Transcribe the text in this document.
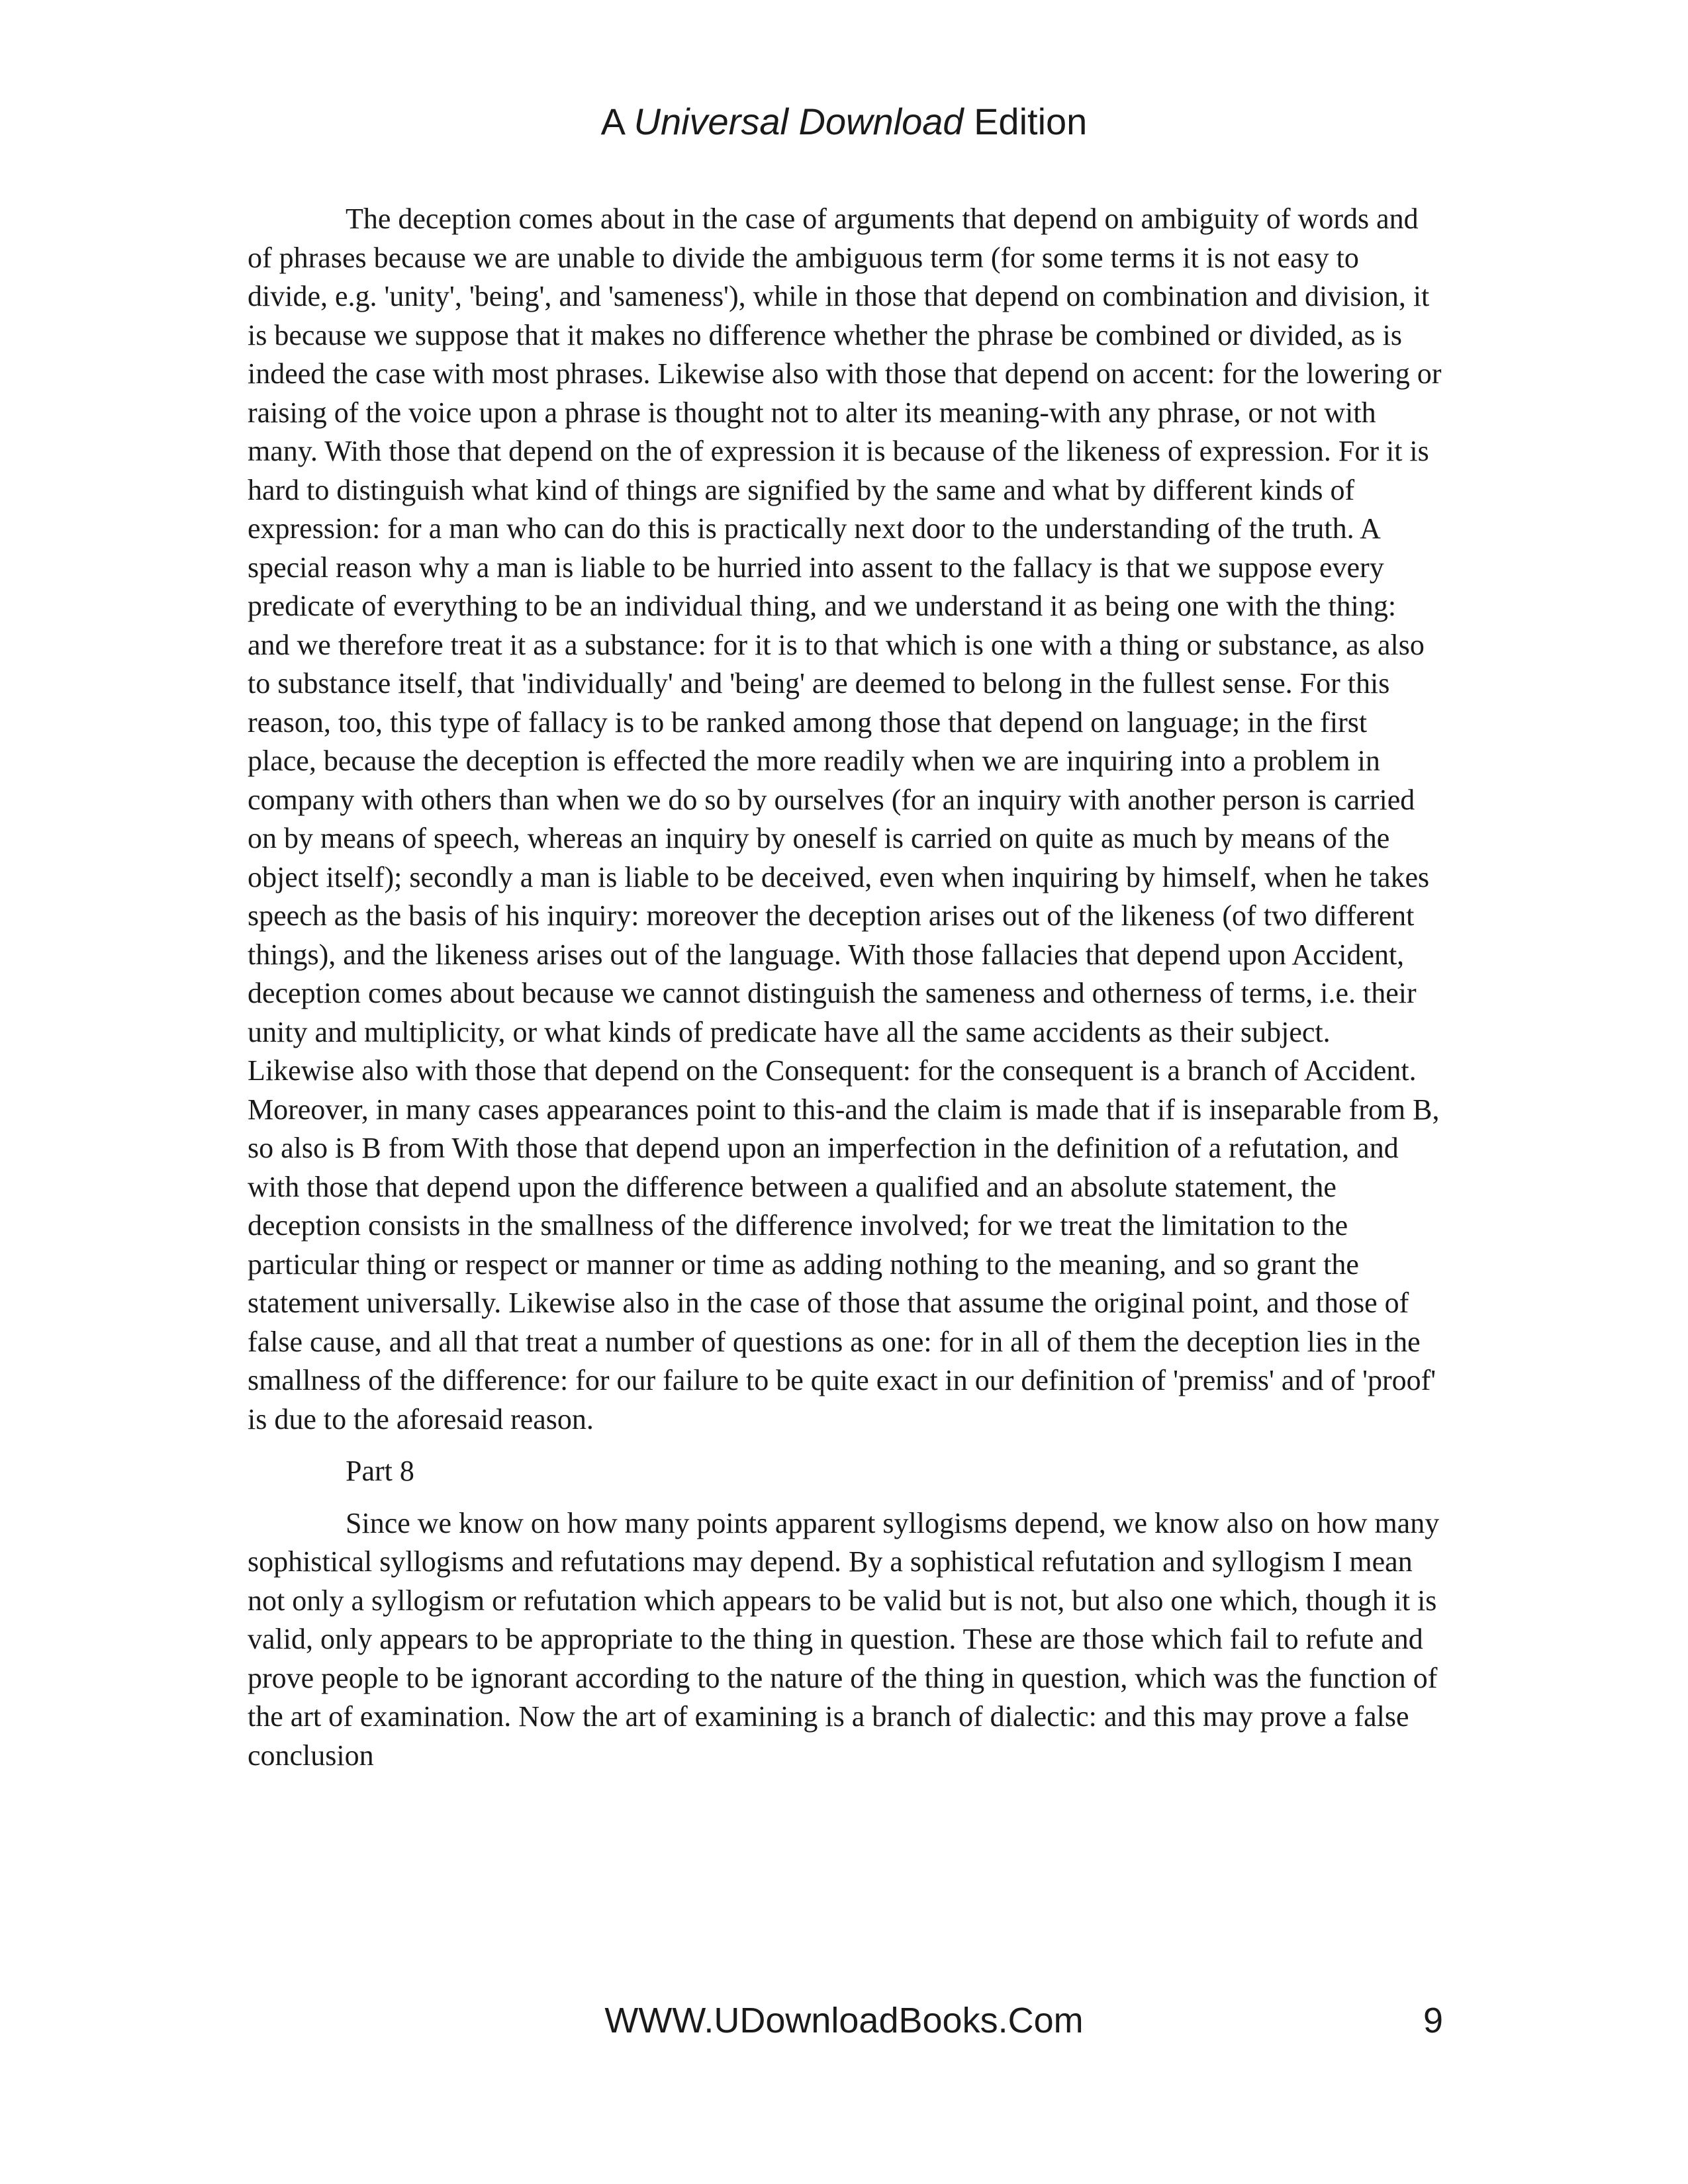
A Universal Download Edition

The deception comes about in the case of arguments that depend on ambiguity of words and of phrases because we are unable to divide the ambiguous term (for some terms it is not easy to divide, e.g. 'unity', 'being', and 'sameness'), while in those that depend on combination and division, it is because we suppose that it makes no difference whether the phrase be combined or divided, as is indeed the case with most phrases. Likewise also with those that depend on accent: for the lowering or raising of the voice upon a phrase is thought not to alter its meaning-with any phrase, or not with many. With those that depend on the of expression it is because of the likeness of expression. For it is hard to distinguish what kind of things are signified by the same and what by different kinds of expression: for a man who can do this is practically next door to the understanding of the truth. A special reason why a man is liable to be hurried into assent to the fallacy is that we suppose every predicate of everything to be an individual thing, and we understand it as being one with the thing: and we therefore treat it as a substance: for it is to that which is one with a thing or substance, as also to substance itself, that 'individually' and 'being' are deemed to belong in the fullest sense. For this reason, too, this type of fallacy is to be ranked among those that depend on language; in the first place, because the deception is effected the more readily when we are inquiring into a problem in company with others than when we do so by ourselves (for an inquiry with another person is carried on by means of speech, whereas an inquiry by oneself is carried on quite as much by means of the object itself); secondly a man is liable to be deceived, even when inquiring by himself, when he takes speech as the basis of his inquiry: moreover the deception arises out of the likeness (of two different things), and the likeness arises out of the language. With those fallacies that depend upon Accident, deception comes about because we cannot distinguish the sameness and otherness of terms, i.e. their unity and multiplicity, or what kinds of predicate have all the same accidents as their subject. Likewise also with those that depend on the Consequent: for the consequent is a branch of Accident. Moreover, in many cases appearances point to this-and the claim is made that if is inseparable from B, so also is B from With those that depend upon an imperfection in the definition of a refutation, and with those that depend upon the difference between a qualified and an absolute statement, the deception consists in the smallness of the difference involved; for we treat the limitation to the particular thing or respect or manner or time as adding nothing to the meaning, and so grant the statement universally. Likewise also in the case of those that assume the original point, and those of false cause, and all that treat a number of questions as one: for in all of them the deception lies in the smallness of the difference: for our failure to be quite exact in our definition of 'premiss' and of 'proof' is due to the aforesaid reason.

Part 8

Since we know on how many points apparent syllogisms depend, we know also on how many sophistical syllogisms and refutations may depend. By a sophistical refutation and syllogism I mean not only a syllogism or refutation which appears to be valid but is not, but also one which, though it is valid, only appears to be appropriate to the thing in question. These are those which fail to refute and prove people to be ignorant according to the nature of the thing in question, which was the function of the art of examination. Now the art of examining is a branch of dialectic: and this may prove a false conclusion

WWW.UDownloadBooks.Com	9
